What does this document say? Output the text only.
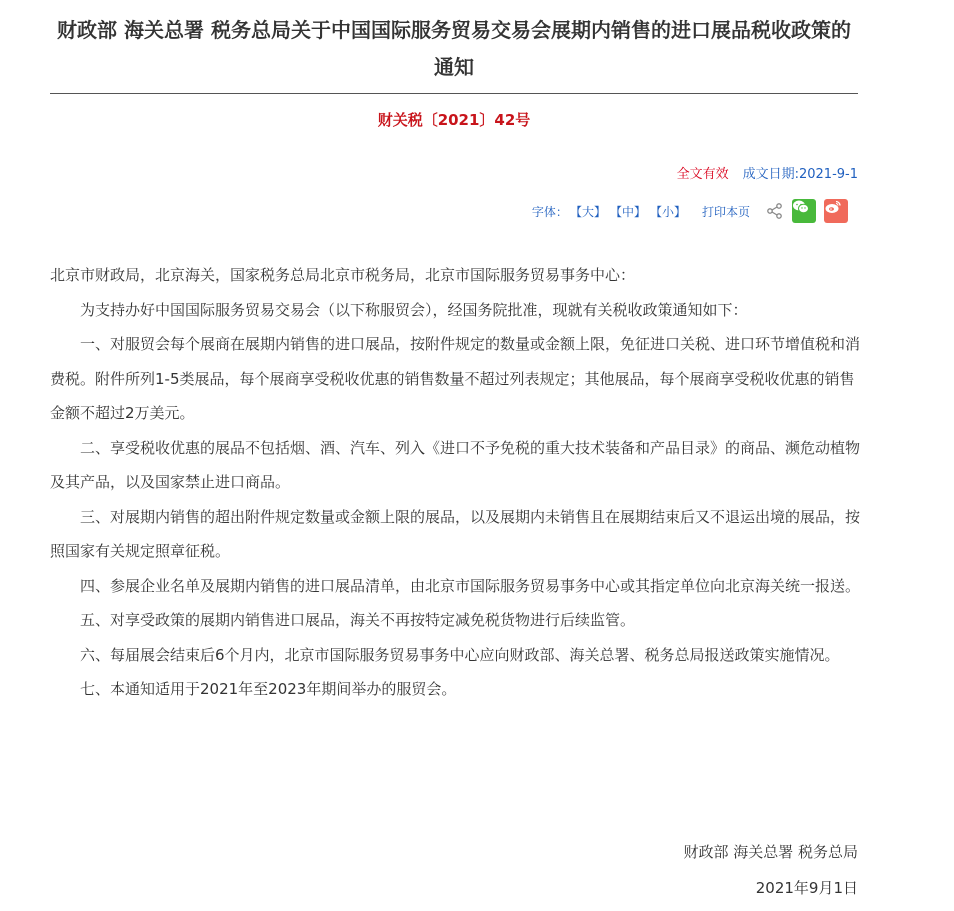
财政部 海关总署 税务总局关于中国国际服务贸易交易会展期内销售的进口展品税收政策的通知
财关税〔2021〕42号
全文有效 成文日期:2021-9-1
字体： 【大】 【中】 【小】 打印本页

北京市财政局，北京海关，国家税务总局北京市税务局，北京市国际服务贸易事务中心：

为支持办好中国国际服务贸易交易会（以下称服贸会），经国务院批准，现就有关税收政策通知如下：

一、对服贸会每个展商在展期内销售的进口展品，按附件规定的数量或金额上限，免征进口关税、进口环节增值税和消费税。附件所列1-5类展品，每个展商享受税收优惠的销售数量不超过列表规定；其他展品，每个展商享受税收优惠的销售金额不超过2万美元。

二、享受税收优惠的展品不包括烟、酒、汽车、列入《进口不予免税的重大技术装备和产品目录》的商品、濒危动植物及其产品，以及国家禁止进口商品。

三、对展期内销售的超出附件规定数量或金额上限的展品，以及展期内未销售且在展期结束后又不退运出境的展品，按照国家有关规定照章征税。

四、参展企业名单及展期内销售的进口展品清单，由北京市国际服务贸易事务中心或其指定单位向北京海关统一报送。

五、对享受政策的展期内销售进口展品，海关不再按特定减免税货物进行后续监管。

六、每届展会结束后6个月内，北京市国际服务贸易事务中心应向财政部、海关总署、税务总局报送政策实施情况。

七、本通知适用于2021年至2023年期间举办的服贸会。

财政部 海关总署 税务总局
2021年9月1日
